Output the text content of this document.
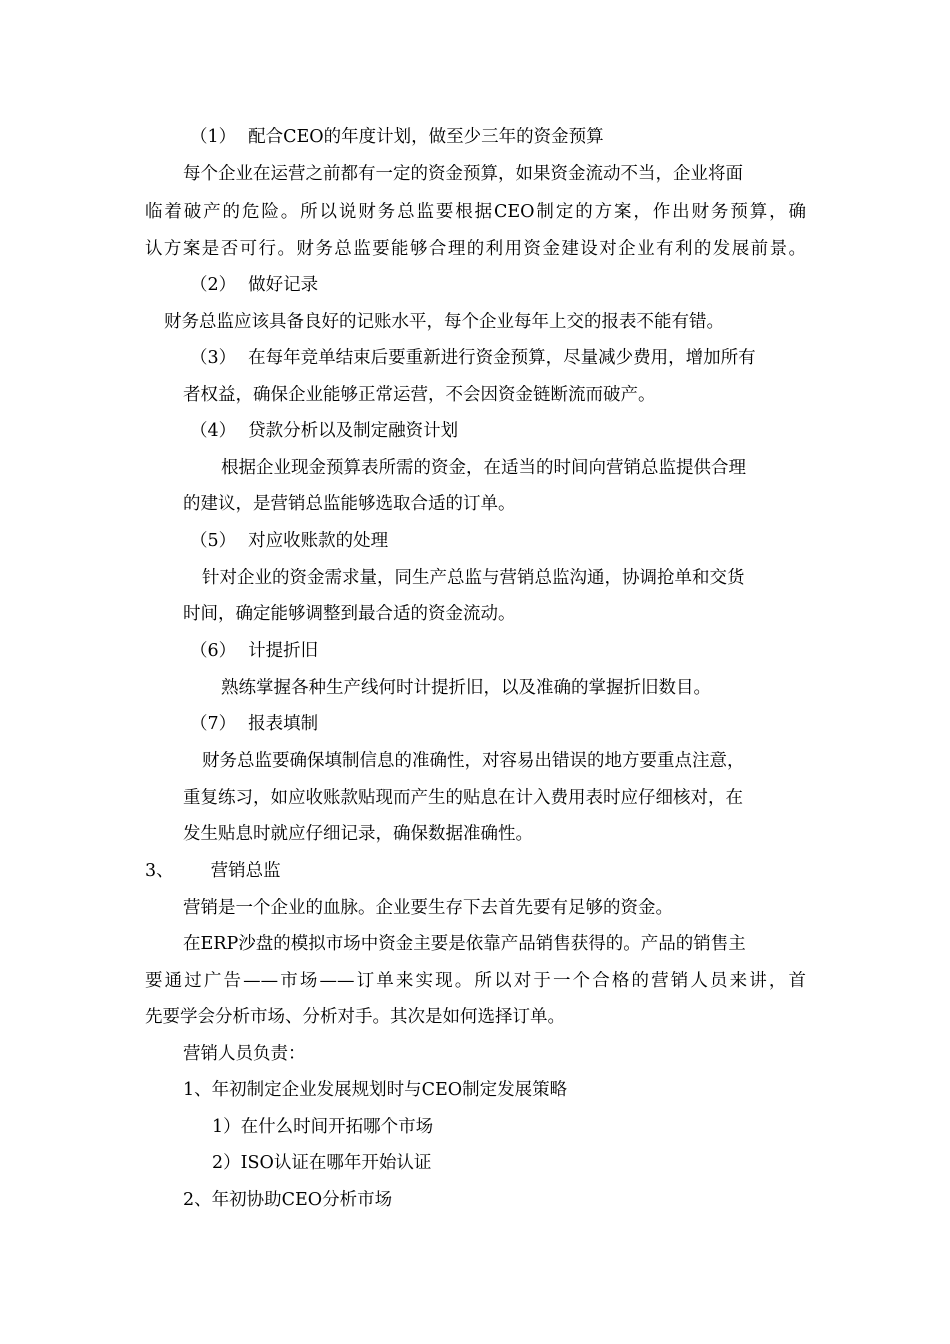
（1） 配合CEO的年度计划，做至少三年的资金预算
每个企业在运营之前都有一定的资金预算，如果资金流动不当，企业将面
临着破产的危险。所以说财务总监要根据CEO制定的方案，作出财务预算，确
认方案是否可行。财务总监要能够合理的利用资金建设对企业有利的发展前景。
（2） 做好记录
财务总监应该具备良好的记账水平，每个企业每年上交的报表不能有错。
（3） 在每年竞单结束后要重新进行资金预算，尽量减少费用，增加所有
者权益，确保企业能够正常运营，不会因资金链断流而破产。
（4） 贷款分析以及制定融资计划
根据企业现金预算表所需的资金，在适当的时间向营销总监提供合理
的建议，是营销总监能够选取合适的订单。
（5） 对应收账款的处理
针对企业的资金需求量，同生产总监与营销总监沟通，协调抢单和交货
时间，确定能够调整到最合适的资金流动。
（6） 计提折旧
熟练掌握各种生产线何时计提折旧，以及准确的掌握折旧数目。
（7） 报表填制
财务总监要确保填制信息的准确性，对容易出错误的地方要重点注意，
重复练习，如应收账款贴现而产生的贴息在计入费用表时应仔细核对，在
发生贴息时就应仔细记录，确保数据准确性。
3、 营销总监
营销是一个企业的血脉。企业要生存下去首先要有足够的资金。
在ERP沙盘的模拟市场中资金主要是依靠产品销售获得的。产品的销售主
要通过广告——市场——订单来实现。所以对于一个合格的营销人员来讲，首
先要学会分析市场、分析对手。其次是如何选择订单。
营销人员负责：
1、年初制定企业发展规划时与CEO制定发展策略
1）在什么时间开拓哪个市场
2）ISO认证在哪年开始认证
2、年初协助CEO分析市场
